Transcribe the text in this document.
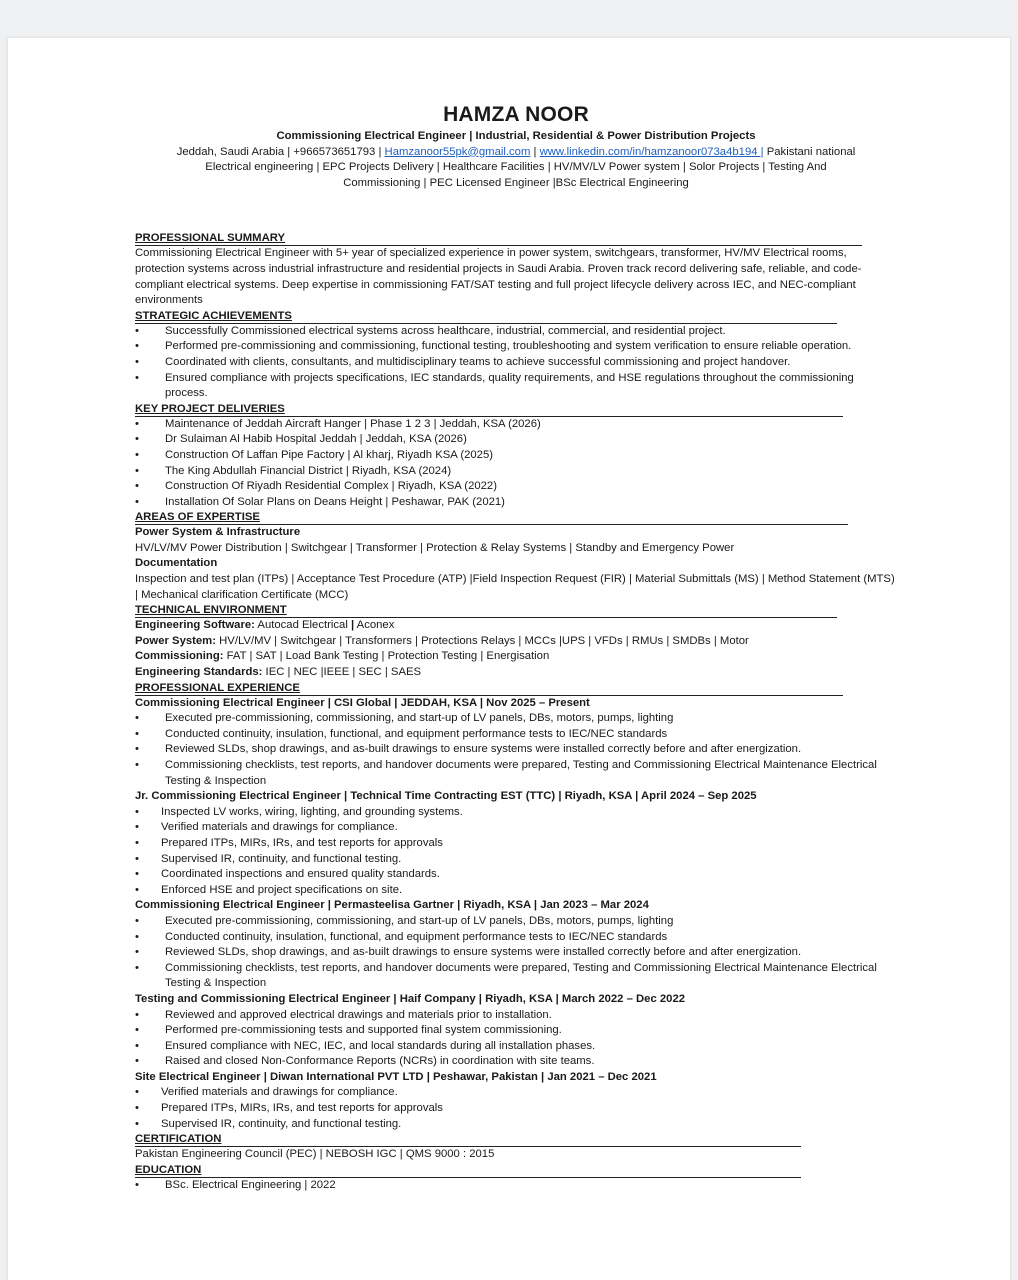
HAMZA NOOR
Commissioning Electrical Engineer | Industrial, Residential & Power Distribution Projects
Jeddah, Saudi Arabia | +966573651793 | Hamzanoor55pk@gmail.com | www.linkedin.com/in/hamzanoor073a4b194 | Pakistani national
Electrical engineering | EPC Projects Delivery | Healthcare Facilities | HV/MV/LV Power system | Solor Projects | Testing And Commissioning | PEC Licensed Engineer |BSc Electrical Engineering
PROFESSIONAL SUMMARY

Commissioning Electrical Engineer with 5+ year of specialized experience in power system, switchgears, transformer, HV/MV Electrical rooms, protection systems across industrial infrastructure and residential projects in Saudi Arabia. Proven track record delivering safe, reliable, and code-compliant electrical systems. Deep expertise in commissioning FAT/SAT testing and full project lifecycle delivery across IEC, and NEC-compliant environments

STRATEGIC ACHIEVEMENTS
• Successfully Commissioned electrical systems across healthcare, industrial, commercial, and residential project.
• Performed pre-commissioning and commissioning, functional testing, troubleshooting and system verification to ensure reliable operation.
• Coordinated with clients, consultants, and multidisciplinary teams to achieve successful commissioning and project handover.
• Ensured compliance with projects specifications, IEC standards, quality requirements, and HSE regulations throughout the commissioning process.
KEY PROJECT DELIVERIES
• Maintenance of Jeddah Aircraft Hanger | Phase 1 2 3 | Jeddah, KSA (2026)
• Dr Sulaiman Al Habib Hospital Jeddah | Jeddah, KSA (2026)
• Construction Of Laffan Pipe Factory | Al kharj, Riyadh KSA (2025)
• The King Abdullah Financial District | Riyadh, KSA (2024)
• Construction Of Riyadh Residential Complex | Riyadh, KSA (2022)
• Installation Of Solar Plans on Deans Height | Peshawar, PAK (2021)
AREAS OF EXPERTISE
Power System & Infrastructure
HV/LV/MV Power Distribution | Switchgear | Transformer | Protection & Relay Systems | Standby and Emergency Power
Documentation
Inspection and test plan (ITPs) | Acceptance Test Procedure (ATP) |Field Inspection Request (FIR) | Material Submittals (MS) | Method Statement (MTS) | Mechanical clarification Certificate (MCC)
TECHNICAL ENVIRONMENT
Engineering Software: Autocad Electrical | Aconex
Power System: HV/LV/MV | Switchgear | Transformers | Protections Relays | MCCs |UPS | VFDs | RMUs | SMDBs | Motor
Commissioning: FAT | SAT | Load Bank Testing | Protection Testing | Energisation
Engineering Standards: IEC | NEC |IEEE | SEC | SAES
PROFESSIONAL EXPERIENCE
Commissioning Electrical Engineer | CSI Global | JEDDAH, KSA | Nov 2025 – Present
• Executed pre-commissioning, commissioning, and start-up of LV panels, DBs, motors, pumps, lighting
• Conducted continuity, insulation, functional, and equipment performance tests to IEC/NEC standards
• Reviewed SLDs, shop drawings, and as-built drawings to ensure systems were installed correctly before and after energization.
• Commissioning checklists, test reports, and handover documents were prepared, Testing and Commissioning Electrical Maintenance Electrical Testing & Inspection
Jr. Commissioning Electrical Engineer | Technical Time Contracting EST (TTC) | Riyadh, KSA | April 2024 – Sep 2025
• Inspected LV works, wiring, lighting, and grounding systems.
• Verified materials and drawings for compliance.
• Prepared ITPs, MIRs, IRs, and test reports for approvals
• Supervised IR, continuity, and functional testing.
• Coordinated inspections and ensured quality standards.
• Enforced HSE and project specifications on site.
Commissioning Electrical Engineer | Permasteelisa Gartner | Riyadh, KSA | Jan 2023 – Mar 2024
• Executed pre-commissioning, commissioning, and start-up of LV panels, DBs, motors, pumps, lighting
• Conducted continuity, insulation, functional, and equipment performance tests to IEC/NEC standards
• Reviewed SLDs, shop drawings, and as-built drawings to ensure systems were installed correctly before and after energization.
• Commissioning checklists, test reports, and handover documents were prepared, Testing and Commissioning Electrical Maintenance Electrical Testing & Inspection
Testing and Commissioning Electrical Engineer | Haif Company | Riyadh, KSA | March 2022 – Dec 2022
• Reviewed and approved electrical drawings and materials prior to installation.
• Performed pre-commissioning tests and supported final system commissioning.
• Ensured compliance with NEC, IEC, and local standards during all installation phases.
• Raised and closed Non-Conformance Reports (NCRs) in coordination with site teams.
Site Electrical Engineer | Diwan International PVT LTD | Peshawar, Pakistan | Jan 2021 – Dec 2021
• Verified materials and drawings for compliance.
• Prepared ITPs, MIRs, IRs, and test reports for approvals
• Supervised IR, continuity, and functional testing.
CERTIFICATION
Pakistan Engineering Council (PEC) | NEBOSH IGC | QMS 9000 : 2015
EDUCATION
• BSc. Electrical Engineering | 2022
